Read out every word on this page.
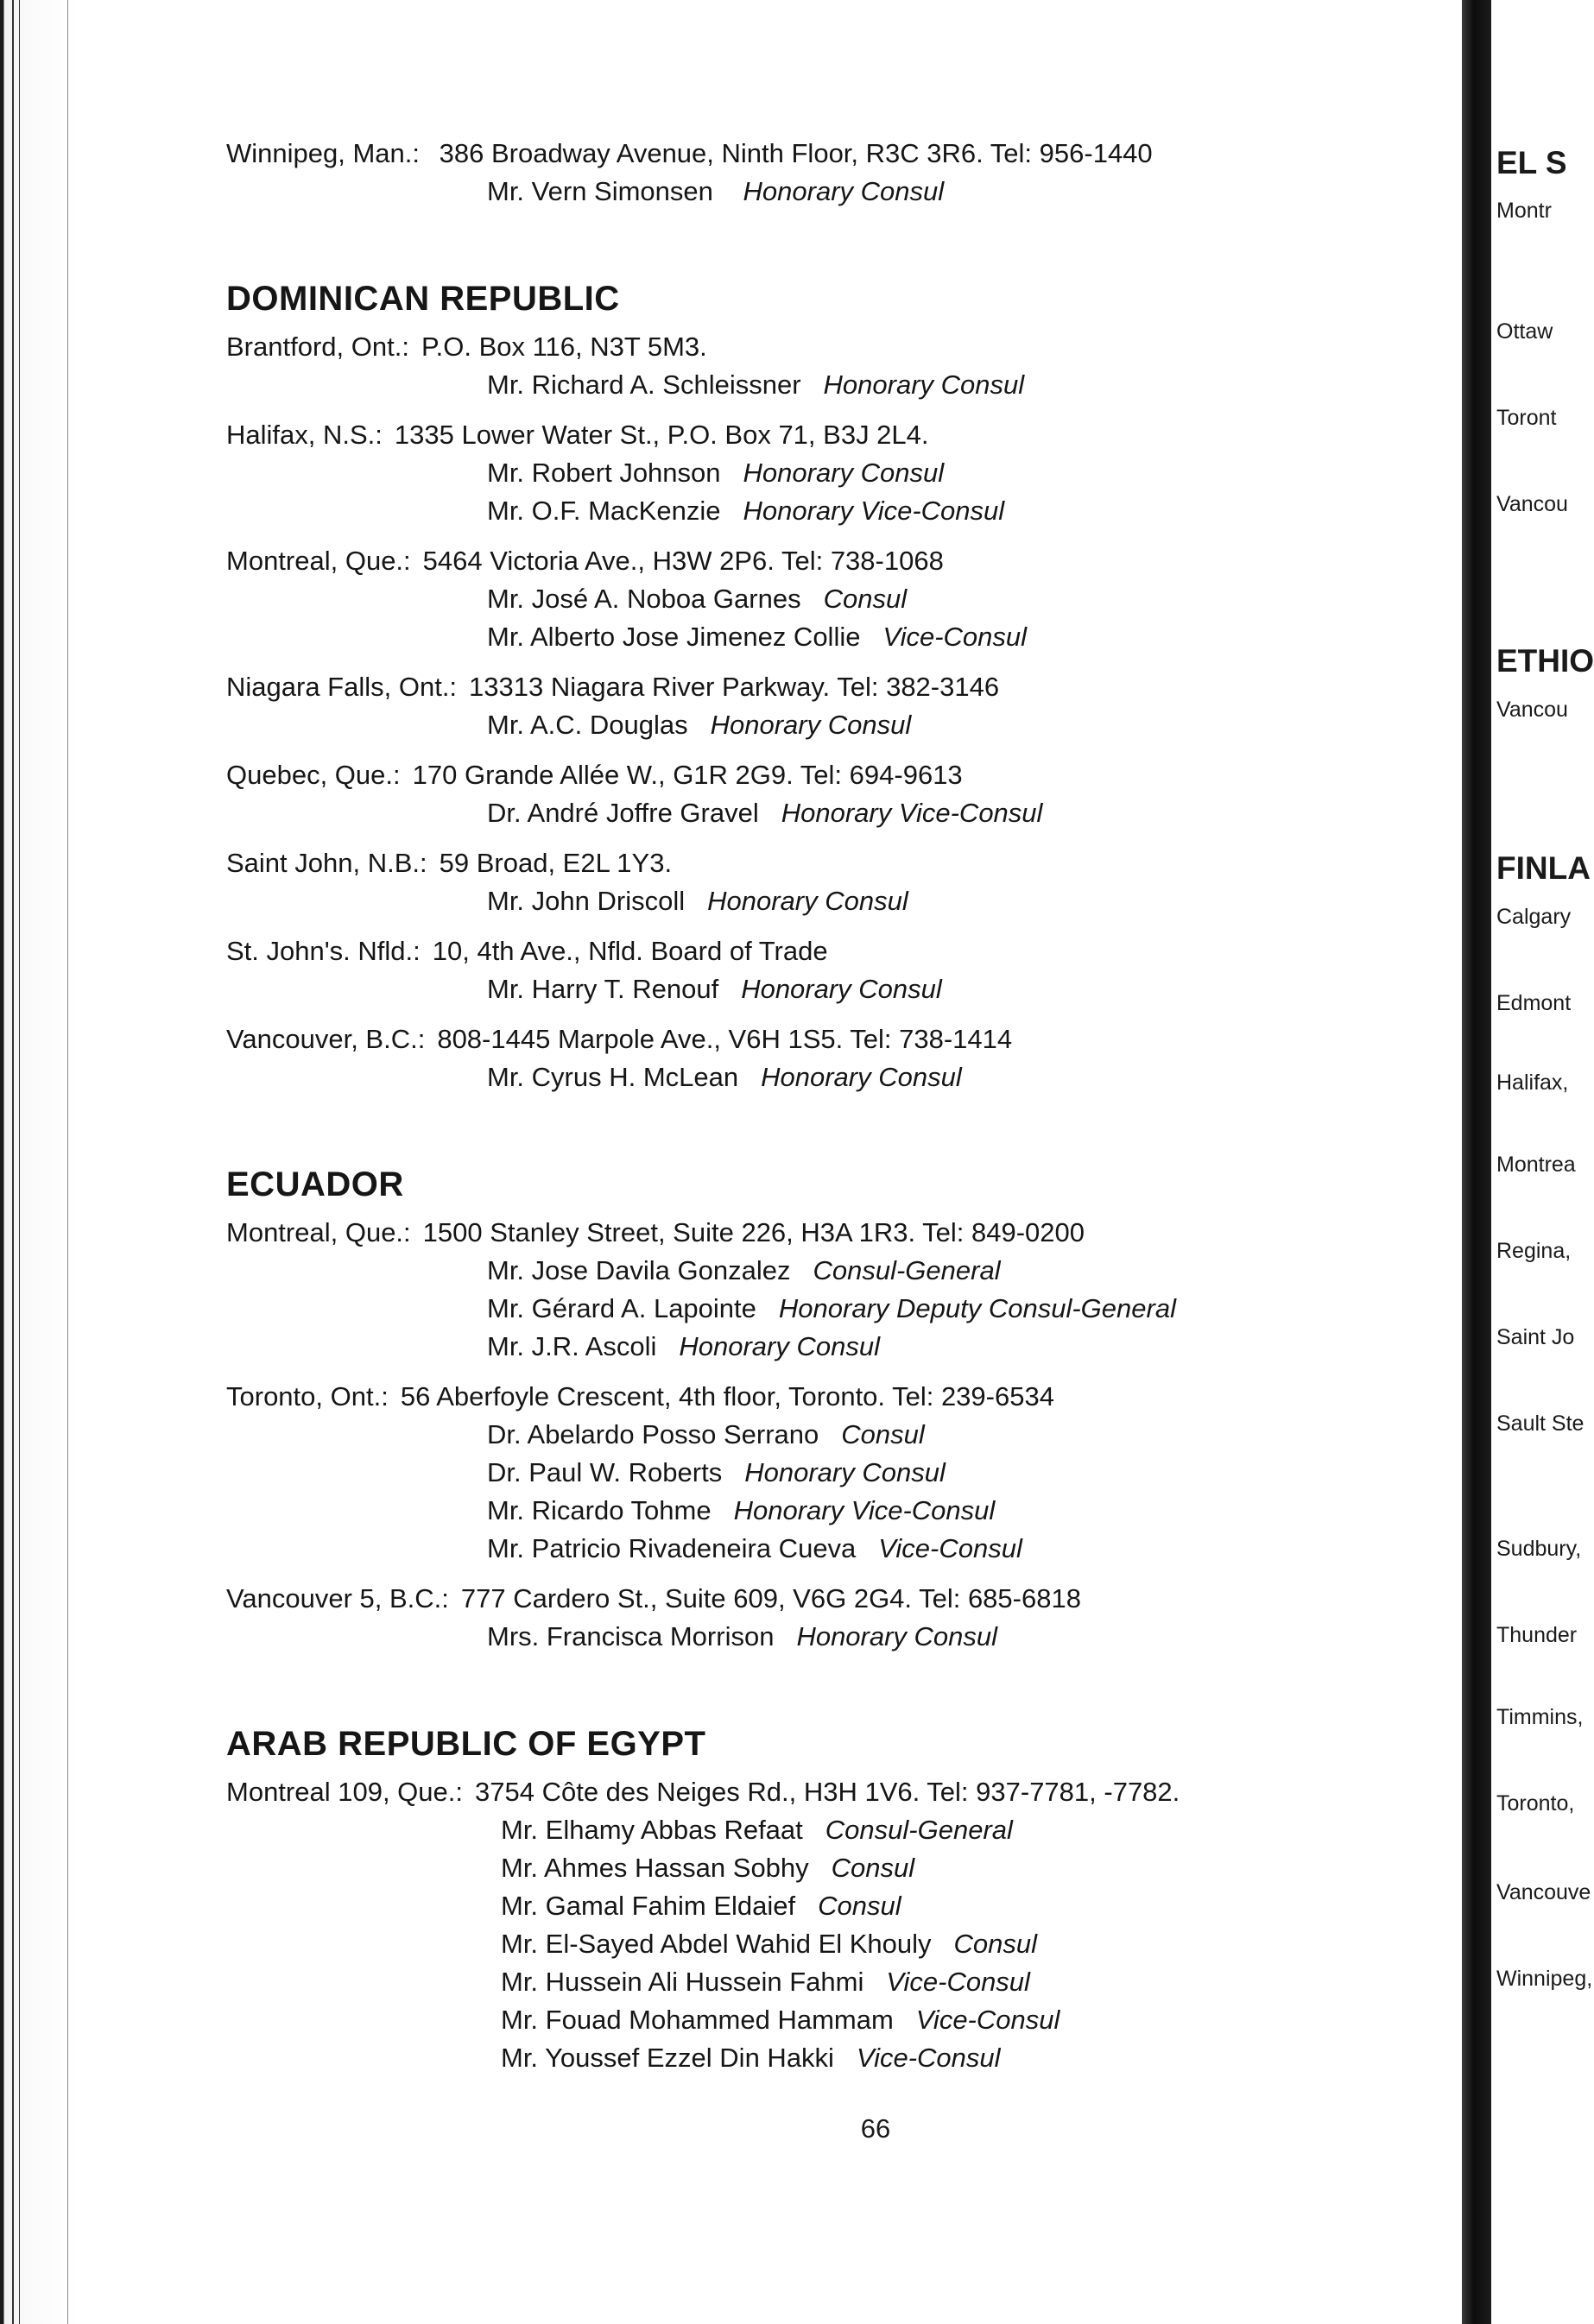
EL S
Montr
Ottaw
Toront
Vancou
ETHIO
Vancou
FINLA
Calgary
Edmont
Halifax,
Montrea
Regina,
Saint Jo
Sault Ste
Sudbury,
Thunder
Timmins,
Toronto,
Vancouve
Winnipeg,
Winnipeg, Man.: 386 Broadway Avenue, Ninth Floor, R3C 3R6. Tel: 956-1440
Mr. Vern Simonsen Honorary Consul
DOMINICAN REPUBLIC
Brantford, Ont.: P.O. Box 116, N3T 5M3.
Mr. Richard A. Schleissner Honorary Consul
Halifax, N.S.: 1335 Lower Water St., P.O. Box 71, B3J 2L4.
Mr. Robert Johnson Honorary Consul
Mr. O.F. MacKenzie Honorary Vice-Consul
Montreal, Que.: 5464 Victoria Ave., H3W 2P6. Tel: 738-1068
Mr. José A. Noboa Garnes Consul
Mr. Alberto Jose Jimenez Collie Vice-Consul
Niagara Falls, Ont.: 13313 Niagara River Parkway. Tel: 382-3146
Mr. A.C. Douglas Honorary Consul
Quebec, Que.: 170 Grande Allée W., G1R 2G9. Tel: 694-9613
Dr. André Joffre Gravel Honorary Vice-Consul
Saint John, N.B.: 59 Broad, E2L 1Y3.
Mr. John Driscoll Honorary Consul
St. John's. Nfld.: 10, 4th Ave., Nfld. Board of Trade
Mr. Harry T. Renouf Honorary Consul
Vancouver, B.C.: 808-1445 Marpole Ave., V6H 1S5. Tel: 738-1414
Mr. Cyrus H. McLean Honorary Consul
ECUADOR
Montreal, Que.: 1500 Stanley Street, Suite 226, H3A 1R3. Tel: 849-0200
Mr. Jose Davila Gonzalez Consul-General
Mr. Gérard A. Lapointe Honorary Deputy Consul-General
Mr. J.R. Ascoli Honorary Consul
Toronto, Ont.: 56 Aberfoyle Crescent, 4th floor, Toronto. Tel: 239-6534
Dr. Abelardo Posso Serrano Consul
Dr. Paul W. Roberts Honorary Consul
Mr. Ricardo Tohme Honorary Vice-Consul
Mr. Patricio Rivadeneira Cueva Vice-Consul
Vancouver 5, B.C.: 777 Cardero St., Suite 609, V6G 2G4. Tel: 685-6818
Mrs. Francisca Morrison Honorary Consul
ARAB REPUBLIC OF EGYPT
Montreal 109, Que.: 3754 Côte des Neiges Rd., H3H 1V6. Tel: 937-7781, -7782.
Mr. Elhamy Abbas Refaat Consul-General
Mr. Ahmes Hassan Sobhy Consul
Mr. Gamal Fahim Eldaief Consul
Mr. El-Sayed Abdel Wahid El Khouly Consul
Mr. Hussein Ali Hussein Fahmi Vice-Consul
Mr. Fouad Mohammed Hammam Vice-Consul
Mr. Youssef Ezzel Din Hakki Vice-Consul
66
